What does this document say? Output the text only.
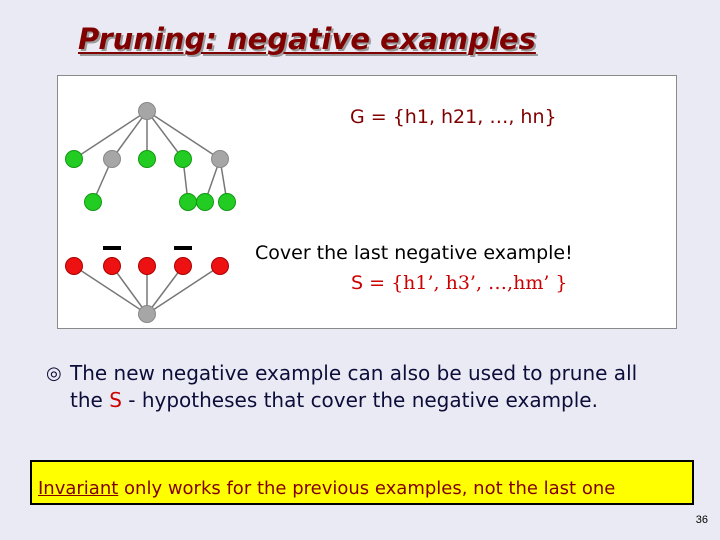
Pruning: negative examples
G = {h1, h21, …, hn}
Cover the last negative example!
S = {h1’, h3’, …,hm’ }
◎ The new negative example can also be used to prune all the S - hypotheses that cover the negative example.
Invariant only works for the previous examples, not the last one
36
